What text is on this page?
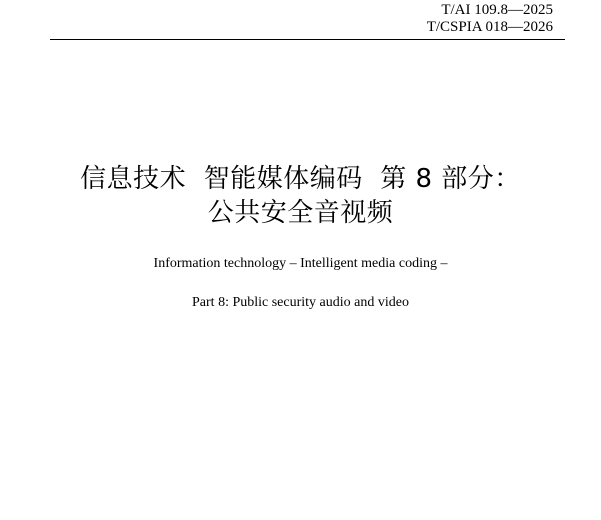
T/AI 109.8—2025
T/CSPIA 018—2026
信息技术  智能媒体编码  第 8 部分：
公共安全音视频
Information technology – Intelligent media coding –
Part 8: Public security audio and video
